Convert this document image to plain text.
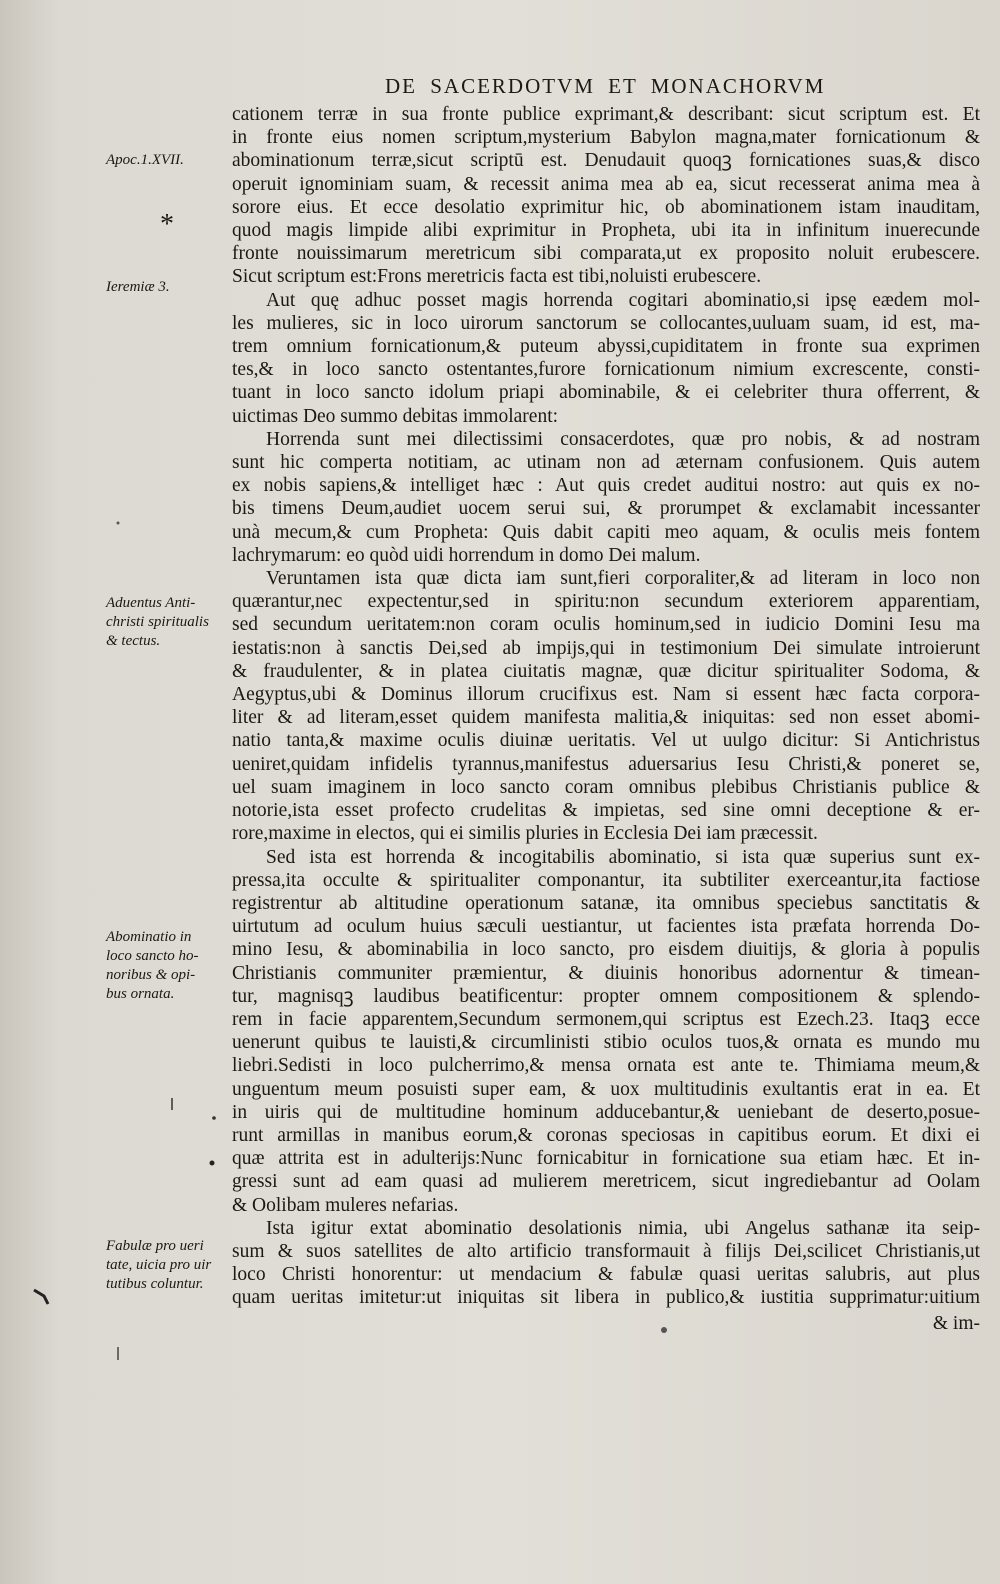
DE SACERDOTVM ET MONACHORVM
Apoc.1.XVII.
*
Ieremiæ 3.
Aduentus Anti-
christi spiritualis
& tectus.
Abominatio in
loco sancto ho-
noribus & opi-
bus ornata.
Fabulæ pro ueri
tate, uicia pro uir
tutibus coluntur.
cationem terræ in sua fronte publice exprimant,& describant: sicut scriptum est. Et
in fronte eius nomen scriptum,mysterium Babylon magna,mater fornicationum &
abominationum terræ,sicut scriptū est. Denudauit quoqꝫ fornicationes suas,& disco
operuit ignominiam suam, & recessit anima mea ab ea, sicut recesserat anima mea à
sorore eius. Et ecce desolatio exprimitur hic, ob abominationem istam inauditam,
quod magis limpide alibi exprimitur in Propheta, ubi ita in infinitum inuerecunde
fronte nouissimarum meretricum sibi comparata,ut ex proposito noluit erubescere.
Sicut scriptum est:Frons meretricis facta est tibi,noluisti erubescere.
Aut quę adhuc posset magis horrenda cogitari abominatio,si ipsę eædem mol-
les mulieres, sic in loco uirorum sanctorum se collocantes,uuluam suam, id est, ma-
trem omnium fornicationum,& puteum abyssi,cupiditatem in fronte sua exprimen
tes,& in loco sancto ostentantes,furore fornicationum nimium excrescente, consti-
tuant in loco sancto idolum priapi abominabile, & ei celebriter thura offerrent, &
uictimas Deo summo debitas immolarent:
Horrenda sunt mei dilectissimi consacerdotes, quæ pro nobis, & ad nostram
sunt hic comperta notitiam, ac utinam non ad æternam confusionem. Quis autem
ex nobis sapiens,& intelliget hæc : Aut quis credet auditui nostro: aut quis ex no-
bis timens Deum,audiet uocem serui sui, & prorumpet & exclamabit incessanter
unà mecum,& cum Propheta: Quis dabit capiti meo aquam, & oculis meis fontem
lachrymarum: eo quòd uidi horrendum in domo Dei malum.
Veruntamen ista quæ dicta iam sunt,fieri corporaliter,& ad literam in loco non
quærantur,nec expectentur,sed in spiritu:non secundum exteriorem apparentiam,
sed secundum ueritatem:non coram oculis hominum,sed in iudicio Domini Iesu ma
iestatis:non à sanctis Dei,sed ab impijs,qui in testimonium Dei simulate introierunt
& fraudulenter, & in platea ciuitatis magnæ, quæ dicitur spiritualiter Sodoma, &
Aegyptus,ubi & Dominus illorum crucifixus est. Nam si essent hæc facta corpora-
liter & ad literam,esset quidem manifesta malitia,& iniquitas: sed non esset abomi-
natio tanta,& maxime oculis diuinæ ueritatis. Vel ut uulgo dicitur: Si Antichristus
ueniret,quidam infidelis tyrannus,manifestus aduersarius Iesu Christi,& poneret se,
uel suam imaginem in loco sancto coram omnibus plebibus Christianis publice &
notorie,ista esset profecto crudelitas & impietas, sed sine omni deceptione & er-
rore,maxime in electos, qui ei similis pluries in Ecclesia Dei iam præcessit.
Sed ista est horrenda & incogitabilis abominatio, si ista quæ superius sunt ex-
pressa,ita occulte & spiritualiter componantur, ita subtiliter exerceantur,ita factiose
registrentur ab altitudine operationum satanæ, ita omnibus speciebus sanctitatis &
uirtutum ad oculum huius sæculi uestiantur, ut facientes ista præfata horrenda Do-
mino Iesu, & abominabilia in loco sancto, pro eisdem diuitijs, & gloria à populis
Christianis communiter præmientur, & diuinis honoribus adornentur & timean-
tur, magnisqꝫ laudibus beatificentur: propter omnem compositionem & splendo-
rem in facie apparentem,Secundum sermonem,qui scriptus est Ezech.23. Itaqꝫ ecce
uenerunt quibus te lauisti,& circumlinisti stibio oculos tuos,& ornata es mundo mu
liebri.Sedisti in loco pulcherrimo,& mensa ornata est ante te. Thimiama meum,&
unguentum meum posuisti super eam, & uox multitudinis exultantis erat in ea. Et
in uiris qui de multitudine hominum adducebantur,& ueniebant de deserto,posue-
runt armillas in manibus eorum,& coronas speciosas in capitibus eorum. Et dixi ei
quæ attrita est in adulterijs:Nunc fornicabitur in fornicatione sua etiam hæc. Et in-
gressi sunt ad eam quasi ad mulierem meretricem, sicut ingrediebantur ad Oolam
& Oolibam muleres nefarias.
Ista igitur extat abominatio desolationis nimia, ubi Angelus sathanæ ita seip-
sum & suos satellites de alto artificio transformauit à filijs Dei,scilicet Christianis,ut
loco Christi honorentur: ut mendacium & fabulæ quasi ueritas salubris, aut plus
quam ueritas imitetur:ut iniquitas sit libera in publico,& iustitia supprimatur:uitium
& im-
